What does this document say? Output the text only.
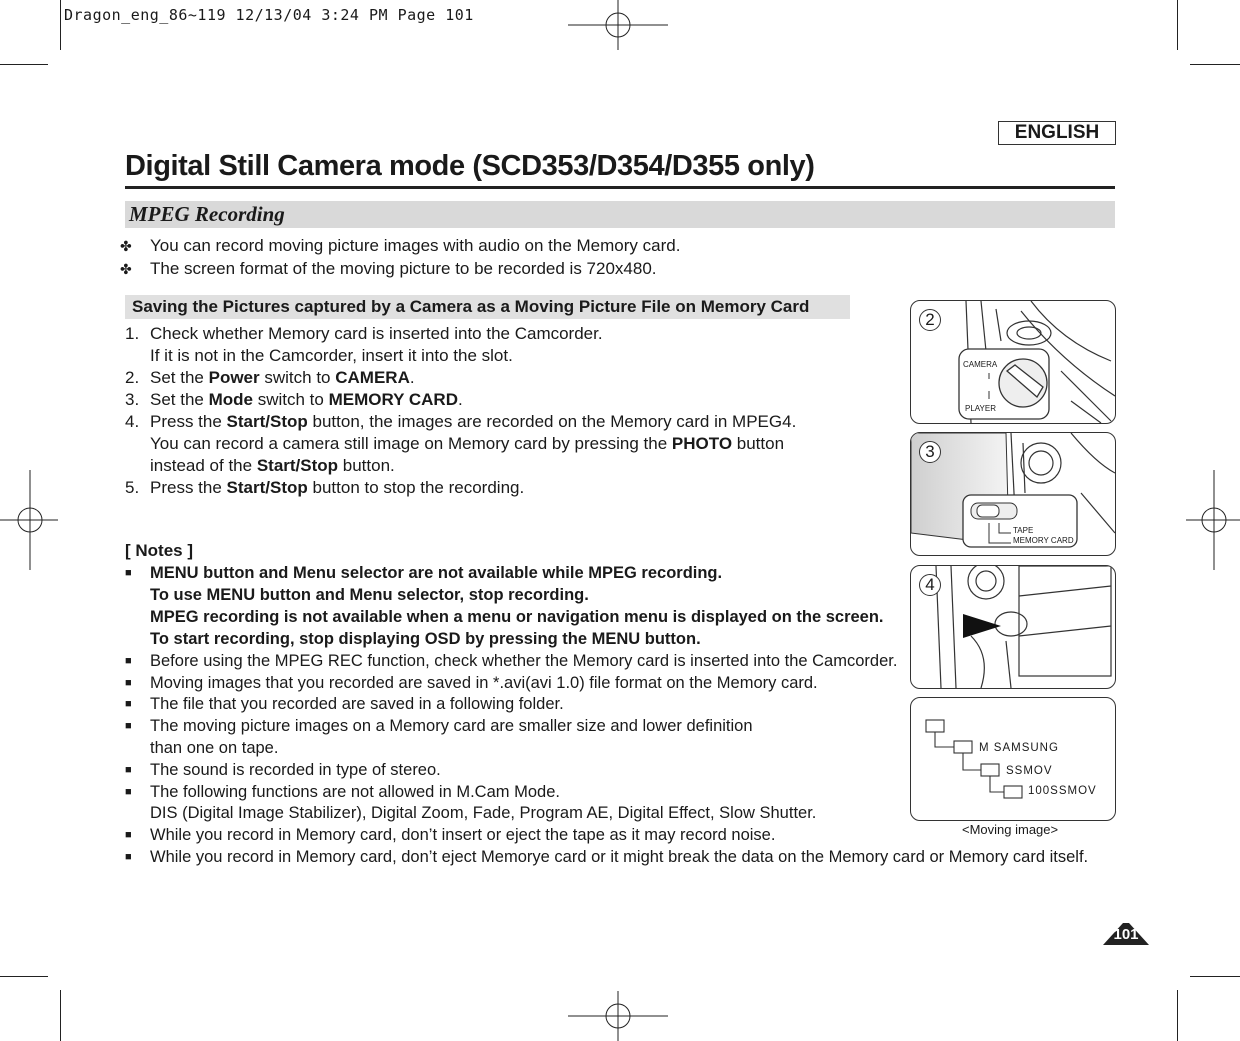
Dragon_eng_86~119 12/13/04 3:24 PM Page 101
ENGLISH
Digital Still Camera mode (SCD353/D354/D355 only)
MPEG Recording
✤ You can record moving picture images with audio on the Memory card.
✤ The screen format of the moving picture to be recorded is 720x480.
Saving the Pictures captured by a Camera as a Moving Picture File on Memory Card
1. Check whether Memory card is inserted into the Camcorder.
If it is not in the Camcorder, insert it into the slot.
2. Set the Power switch to CAMERA.
3. Set the Mode switch to MEMORY CARD.
4. Press the Start/Stop button, the images are recorded on the Memory card in MPEG4.
You can record a camera still image on Memory card by pressing the PHOTO button
instead of the Start/Stop button.
5. Press the Start/Stop button to stop the recording.
[ Notes ]
■ MENU button and Menu selector are not available while MPEG recording.
To use MENU button and Menu selector, stop recording.
MPEG recording is not available when a menu or navigation menu is displayed on the screen.
To start recording, stop displaying OSD by pressing the MENU button.
■ Before using the MPEG REC function, check whether the Memory card is inserted into the Camcorder.
■ Moving images that you recorded are saved in *.avi(avi 1.0) file format on the Memory card.
■ The file that you recorded are saved in a following folder.
■ The moving picture images on a Memory card are smaller size and lower definition
than one on tape.
■ The sound is recorded in type of stereo.
■ The following functions are not allowed in M.Cam Mode.
DIS (Digital Image Stabilizer), Digital Zoom, Fade, Program AE, Digital Effect, Slow Shutter.
■ While you record in Memory card, don’t insert or eject the tape as it may record noise.
■ While you record in Memory card, don’t eject Memorye card or it might break the data on the Memory card or Memory card itself.
CAMERA
PLAYER
2
TAPE
MEMORY CARD
3
4
M SAMSUNG
SSMOV
100SSMOV
<Moving image>
101
